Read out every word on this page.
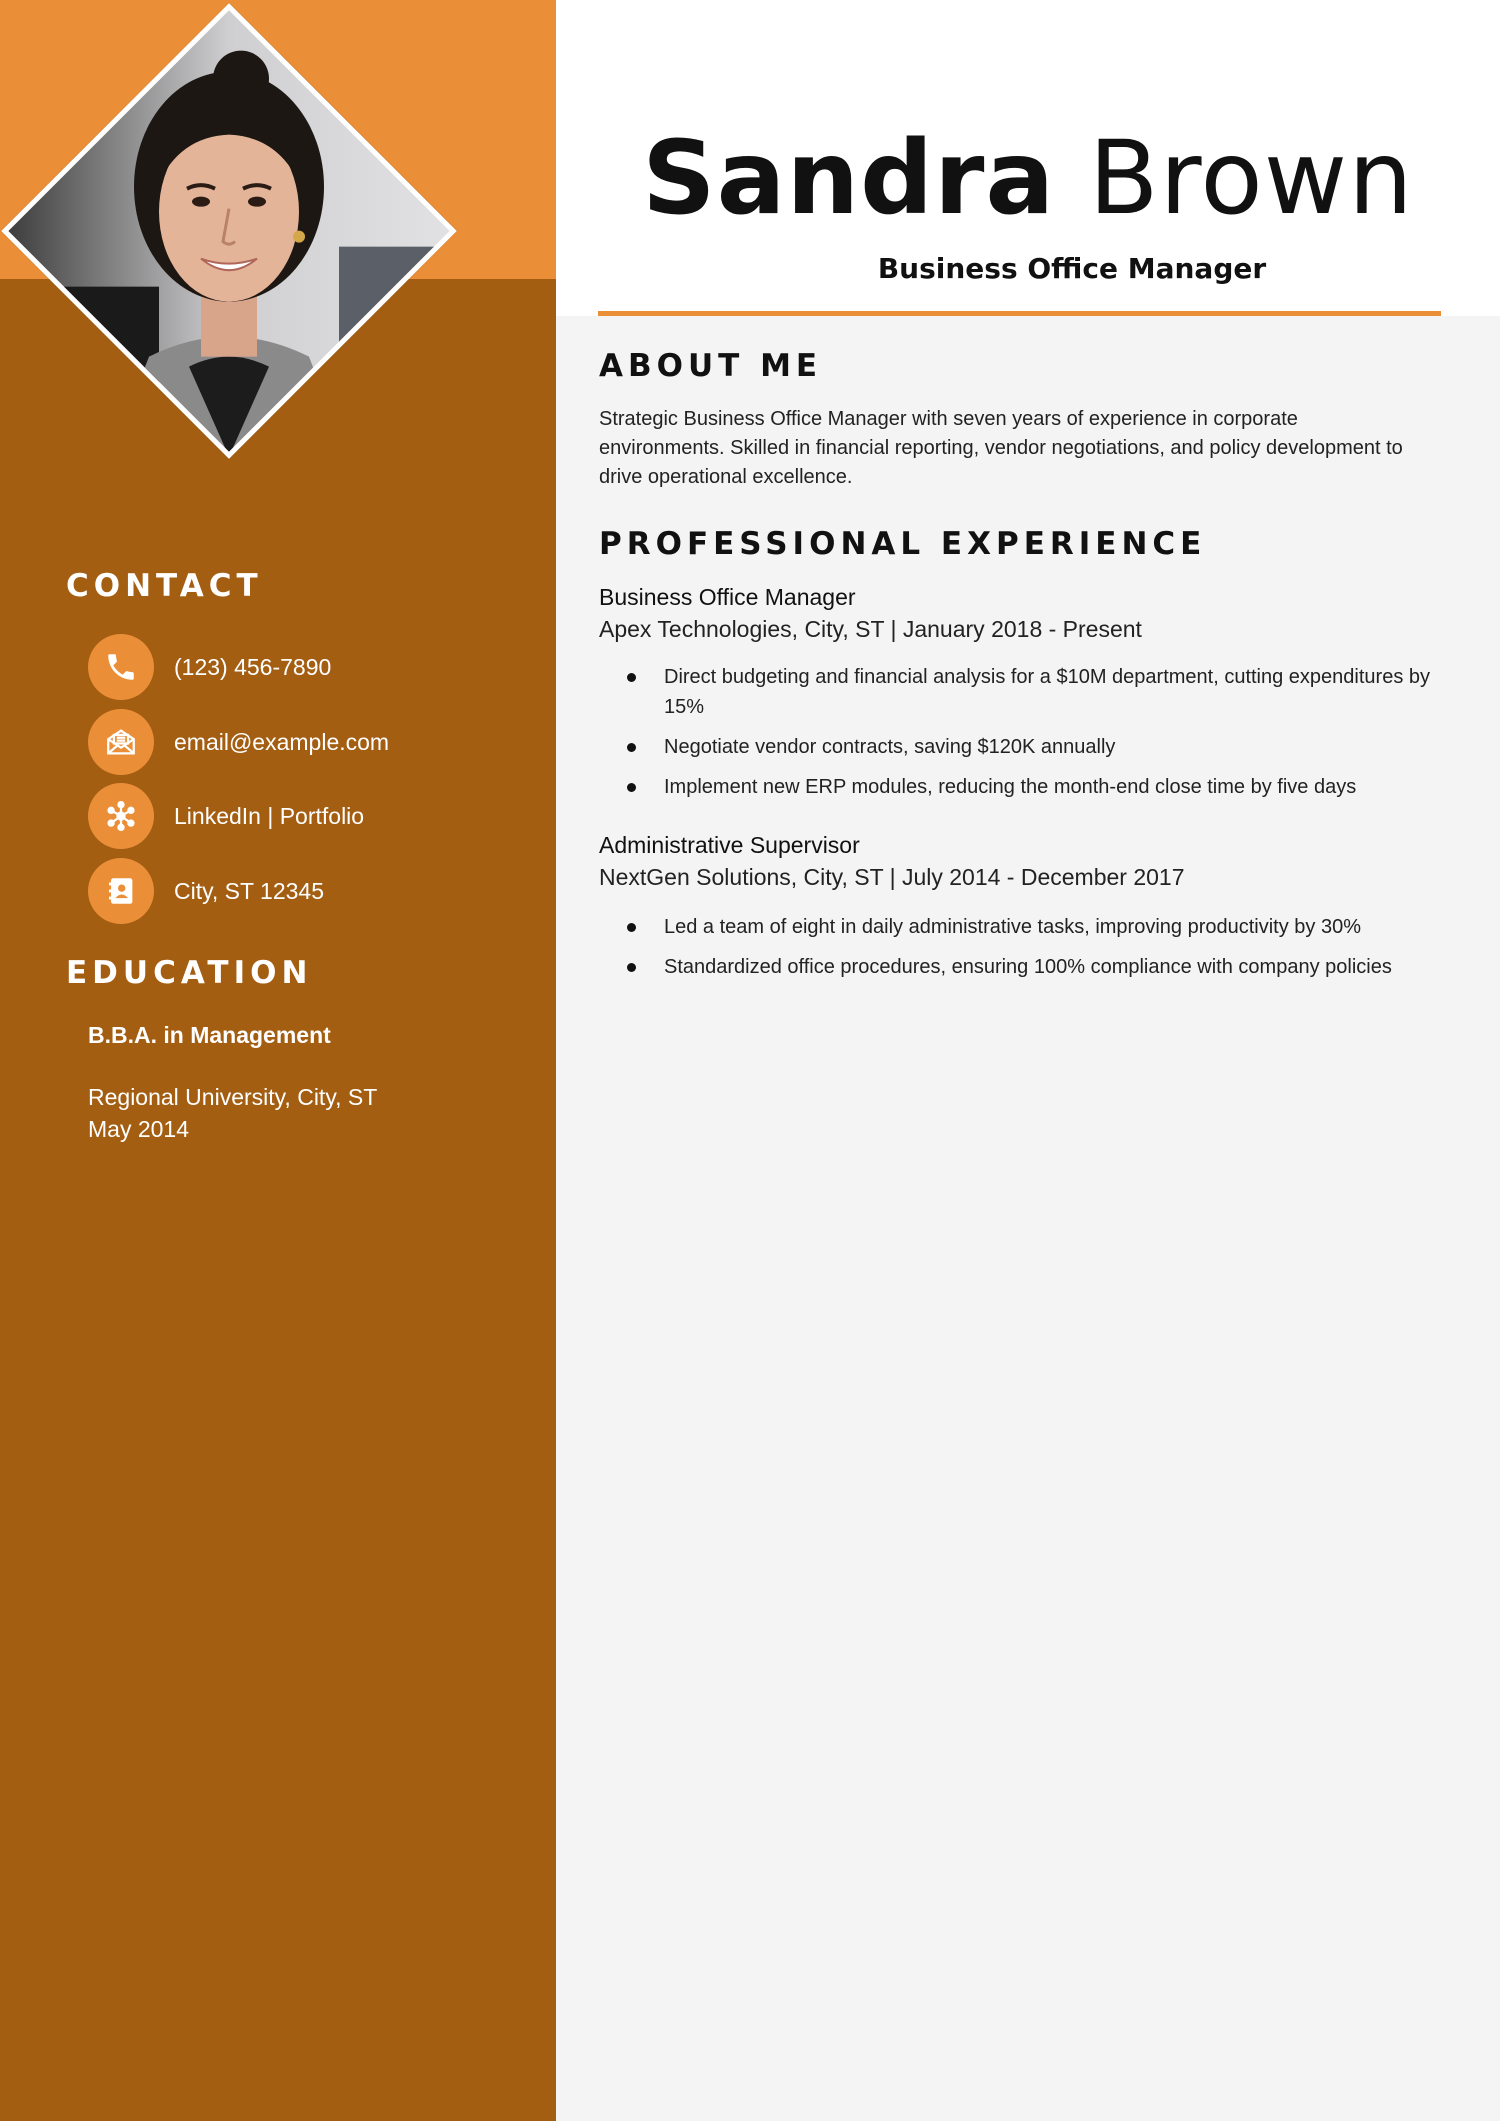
CONTACT
(123) 456-7890
email@example.com
LinkedIn | Portfolio
City, ST 12345
EDUCATION
B.B.A. in Management
Regional University, City, ST
May 2014
Sandra Brown
Business Office Manager
ABOUT ME
Strategic Business Office Manager with seven years of experience in corporate environments. Skilled in financial reporting, vendor negotiations, and policy development to drive operational excellence.
PROFESSIONAL EXPERIENCE
Business Office Manager
Apex Technologies, City, ST | January 2018 - Present
Direct budgeting and financial analysis for a $10M department, cutting expenditures by 15%
Negotiate vendor contracts, saving $120K annually
Implement new ERP modules, reducing the month-end close time by five days
Administrative Supervisor
NextGen Solutions, City, ST | July 2014 - December 2017
Led a team of eight in daily administrative tasks, improving productivity by 30%
Standardized office procedures, ensuring 100% compliance with company policies
